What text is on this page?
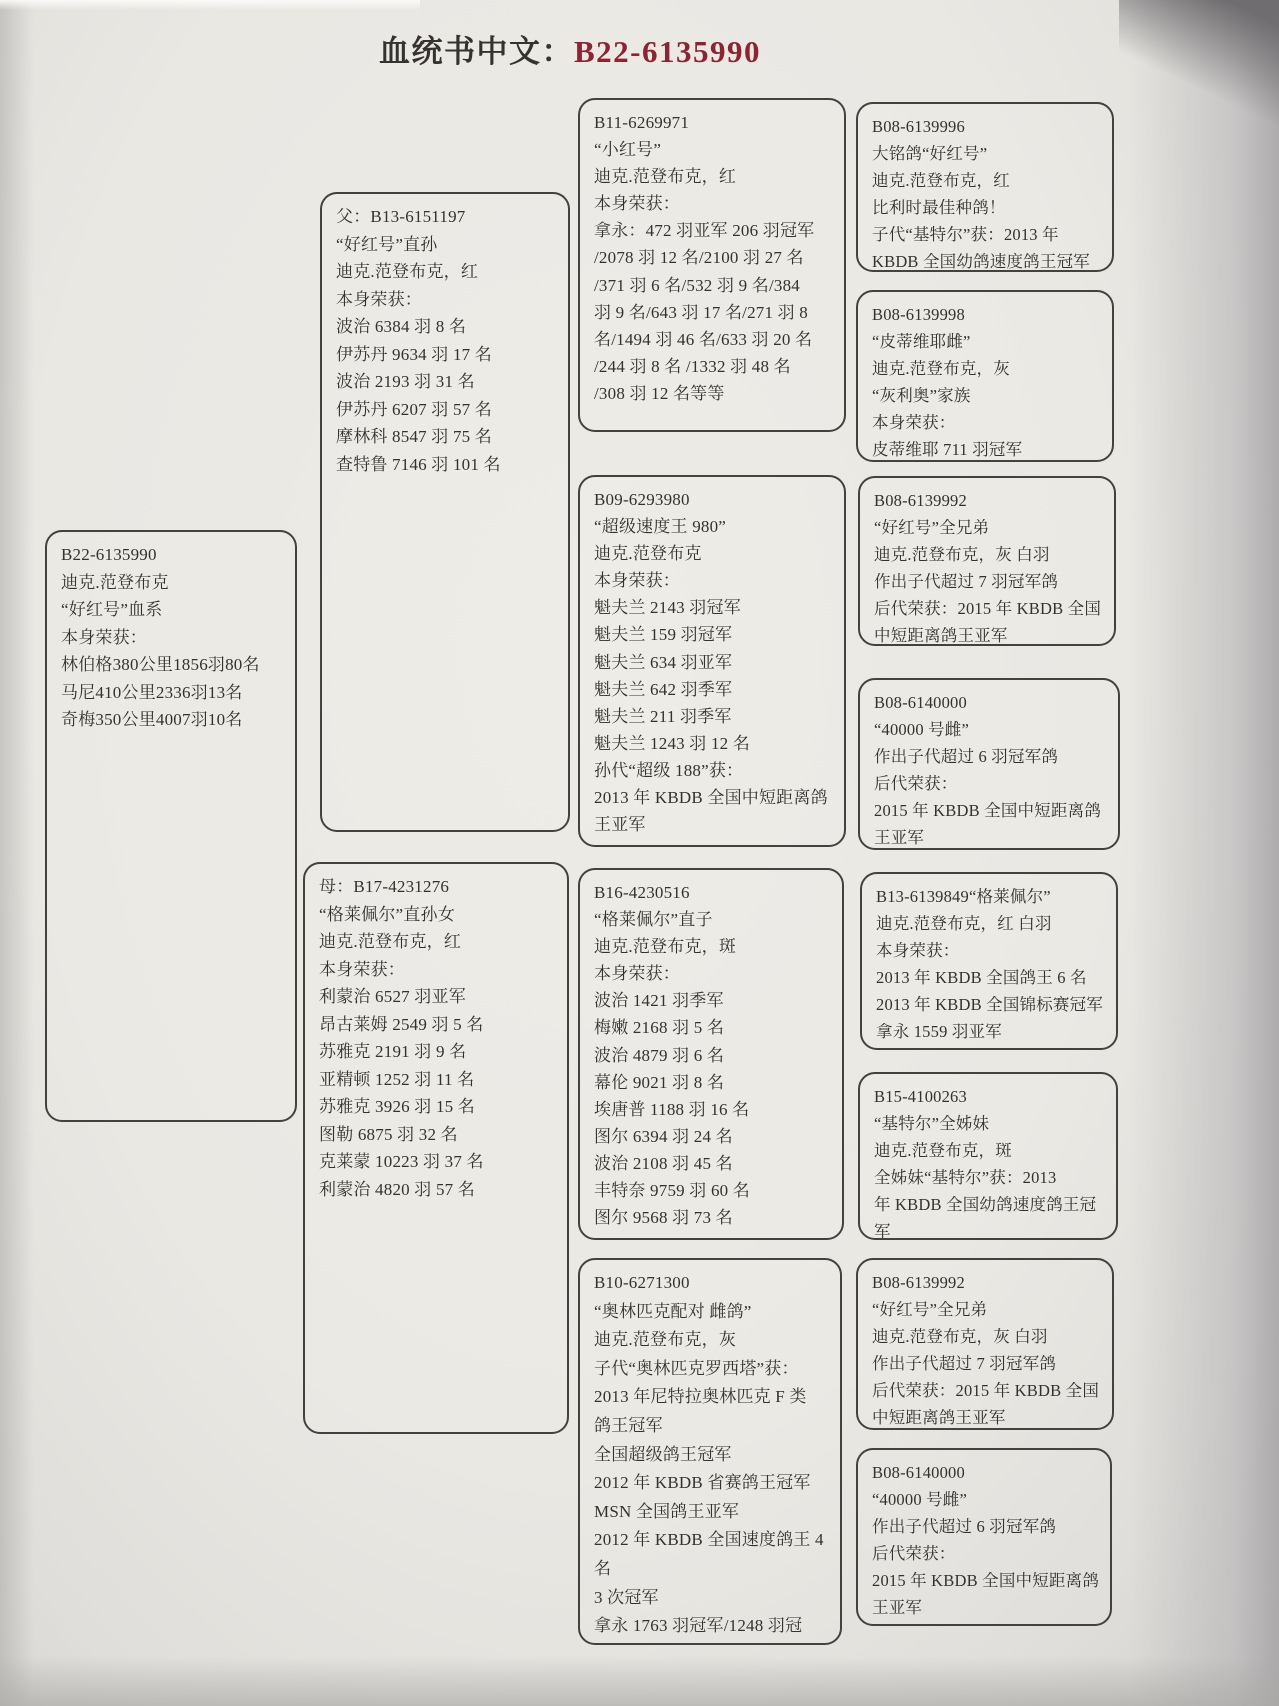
血统书中文：B22-6135990
B22-6135990
迪克.范登布克
“好红号”血系
本身荣获：
林伯格380公里1856羽80名
马尼410公里2336羽13名
奇梅350公里4007羽10名
父：B13-6151197
“好红号”直孙
迪克.范登布克，红
本身荣获：
波治 6384 羽 8 名
伊苏丹 9634 羽 17 名
波治 2193 羽 31 名
伊苏丹 6207 羽 57 名
摩林科 8547 羽 75 名
查特鲁 7146 羽 101 名
母：B17-4231276
“格莱佩尔”直孙女
迪克.范登布克，红
本身荣获：
利蒙治 6527 羽亚军
昂古莱姆 2549 羽 5 名
苏雅克 2191 羽 9 名
亚精顿 1252 羽 11 名
苏雅克 3926 羽 15 名
图勒 6875 羽 32 名
克莱蒙 10223 羽 37 名
利蒙治 4820 羽 57 名
B11-6269971
“小红号”
迪克.范登布克，红
本身荣获：
拿永：472 羽亚军 206 羽冠军
/2078 羽 12 名/2100 羽 27 名
/371 羽 6 名/532 羽 9 名/384
羽 9 名/643 羽 17 名/271 羽 8
名/1494 羽 46 名/633 羽 20 名
/244 羽 8 名 /1332 羽 48 名
/308 羽 12 名等等
B09-6293980
“超级速度王 980”
迪克.范登布克
本身荣获：
魁夫兰 2143 羽冠军
魁夫兰 159 羽冠军
魁夫兰 634 羽亚军
魁夫兰 642 羽季军
魁夫兰 211 羽季军
魁夫兰 1243 羽 12 名
孙代“超级 188”获：
2013 年 KBDB 全国中短距离鸽
王亚军
B16-4230516
“格莱佩尔”直子
迪克.范登布克，斑
本身荣获：
波治 1421 羽季军
梅嫩 2168 羽 5 名
波治 4879 羽 6 名
幕伦 9021 羽 8 名
埃唐普 1188 羽 16 名
图尔 6394 羽 24 名
波治 2108 羽 45 名
丰特奈 9759 羽 60 名
图尔 9568 羽 73 名
B10-6271300
“奥林匹克配对 雌鸽”
迪克.范登布克，灰
子代“奥林匹克罗西塔”获：
2013 年尼特拉奥林匹克 F 类
鸽王冠军
全国超级鸽王冠军
2012 年 KBDB 省赛鸽王冠军
MSN 全国鸽王亚军
2012 年 KBDB 全国速度鸽王 4
名
3 次冠军
拿永 1763 羽冠军/1248 羽冠
B08-6139996
大铭鸽“好红号”
迪克.范登布克，红
比利时最佳种鸽！
子代“基特尔”获：2013 年
KBDB 全国幼鸽速度鸽王冠军
B08-6139998
“皮蒂维耶雌”
迪克.范登布克，灰
“灰利奥”家族
本身荣获：
皮蒂维耶 711 羽冠军
B08-6139992
“好红号”全兄弟
迪克.范登布克，灰 白羽
作出子代超过 7 羽冠军鸽
后代荣获：2015 年 KBDB 全国
中短距离鸽王亚军
B08-6140000
“40000 号雌”
作出子代超过 6 羽冠军鸽
后代荣获：
2015 年 KBDB 全国中短距离鸽
王亚军
B13-6139849“格莱佩尔”
迪克.范登布克，红 白羽
本身荣获：
2013 年 KBDB 全国鸽王 6 名
2013 年 KBDB 全国锦标赛冠军
拿永 1559 羽亚军
B15-4100263
“基特尔”全姊妹
迪克.范登布克，斑
全姊妹“基特尔”获：2013
年 KBDB 全国幼鸽速度鸽王冠
军
B08-6139992
“好红号”全兄弟
迪克.范登布克，灰 白羽
作出子代超过 7 羽冠军鸽
后代荣获：2015 年 KBDB 全国
中短距离鸽王亚军
B08-6140000
“40000 号雌”
作出子代超过 6 羽冠军鸽
后代荣获：
2015 年 KBDB 全国中短距离鸽
王亚军
